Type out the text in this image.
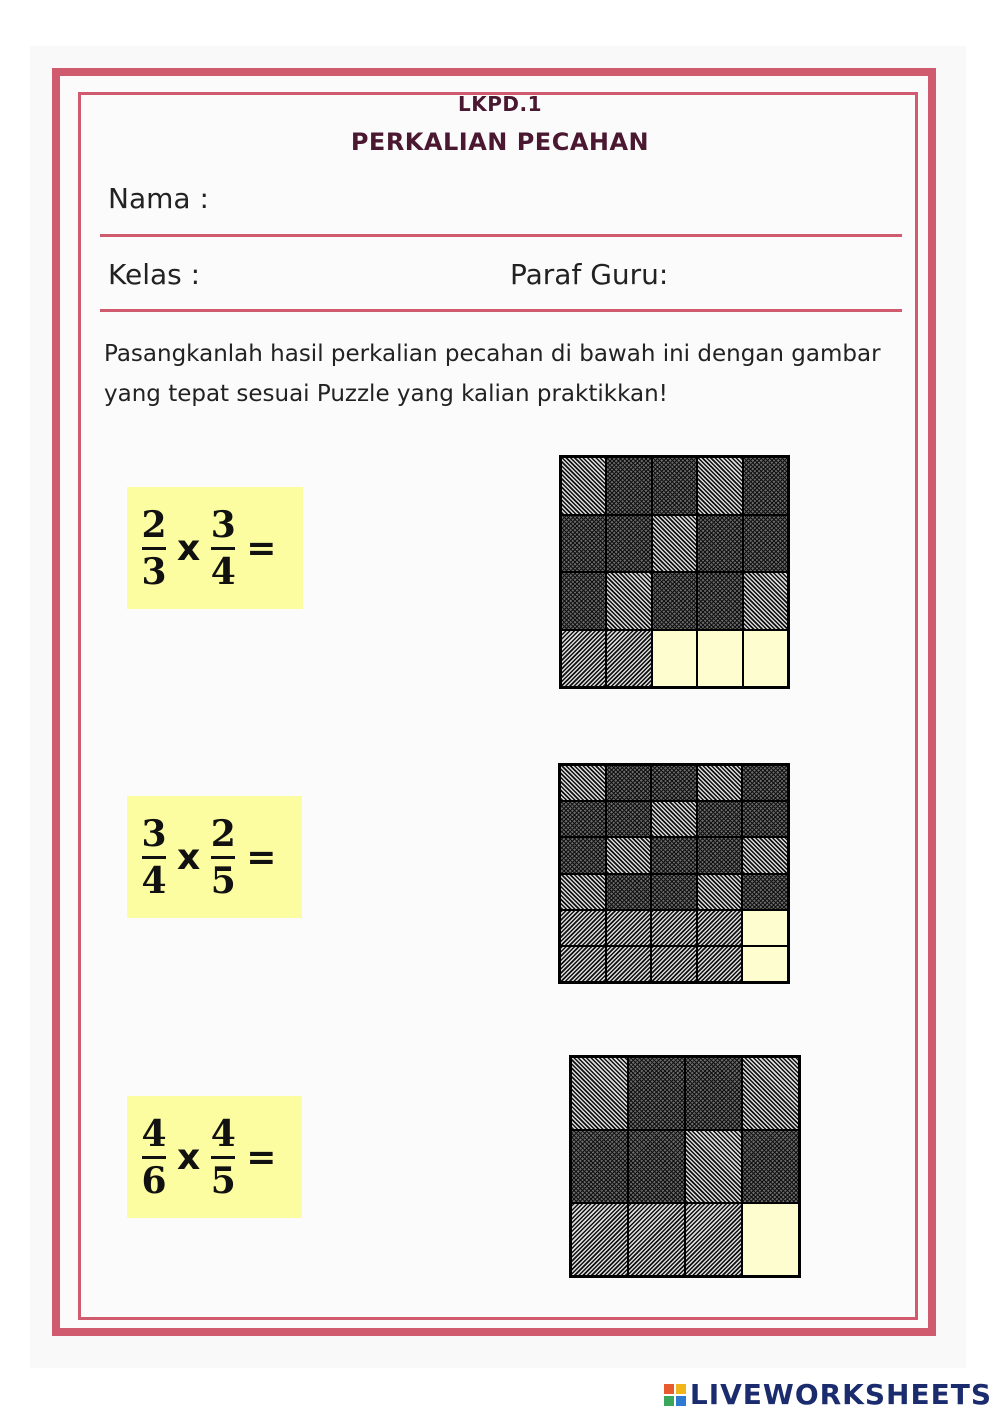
LKPD.1
PERKALIAN PECAHAN
Nama :
Kelas :	Paraf Guru:
Pasangkanlah hasil perkalian pecahan di bawah ini dengan gambar
yang tepat sesuai Puzzle yang kalian praktikkan!
$\frac{2}{3}$ x $\frac{3}{4}$ =
$\frac{3}{4}$ x $\frac{2}{5}$ =
$\frac{4}{6}$ x $\frac{4}{5}$ =
LIVEWORKSHEETS
